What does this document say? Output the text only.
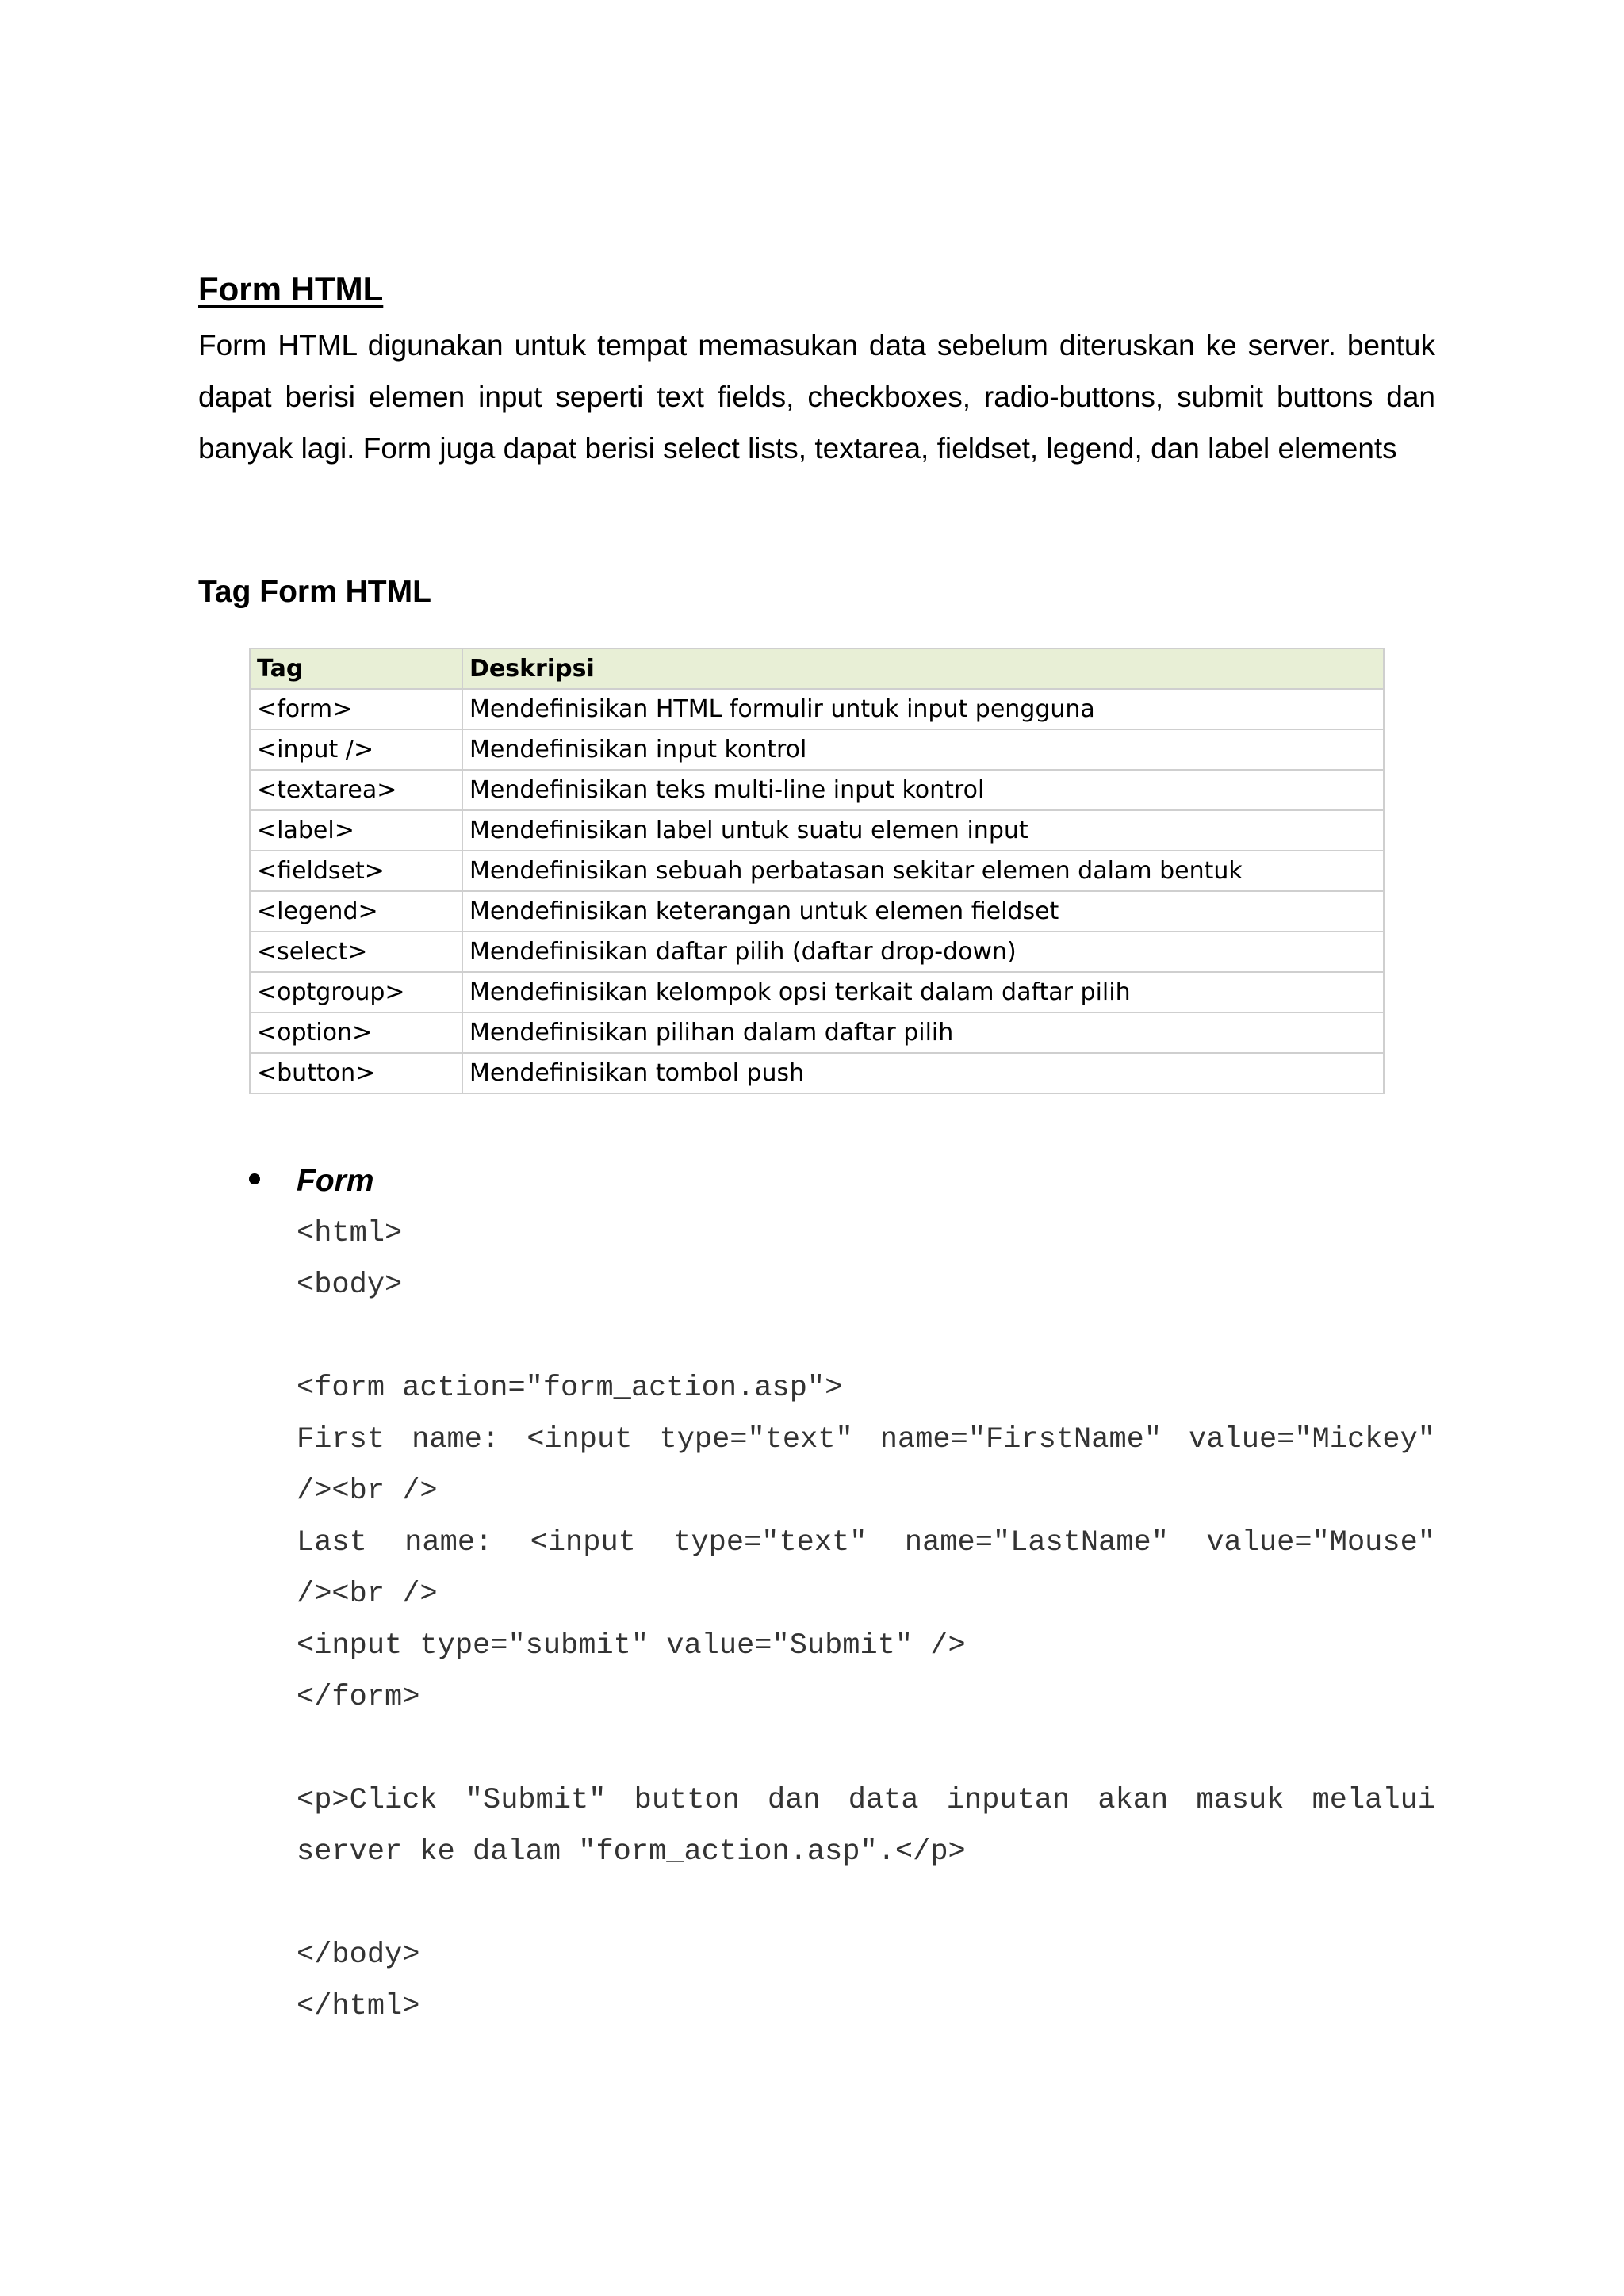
Form HTML

Form HTML digunakan untuk tempat memasukan data sebelum diteruskan ke server. bentuk dapat berisi elemen input seperti text fields, checkboxes, radio-buttons, submit buttons dan banyak lagi. Form juga dapat berisi select lists, textarea, fieldset, legend, dan label elements

Tag Form HTML
Tag	Deskripsi
<form>	Mendefinisikan HTML formulir untuk input pengguna
<input />	Mendefinisikan input kontrol
<textarea>	Mendefinisikan teks multi-line input kontrol
<label>	Mendefinisikan label untuk suatu elemen input
<fieldset>	Mendefinisikan sebuah perbatasan sekitar elemen dalam bentuk
<legend>	Mendefinisikan keterangan untuk elemen fieldset
<select>	Mendefinisikan daftar pilih (daftar drop-down)
<optgroup>	Mendefinisikan kelompok opsi terkait dalam daftar pilih
<option>	Mendefinisikan pilihan dalam daftar pilih
<button>	Mendefinisikan tombol push

Form

<html>

<body>

<form action="form_action.asp">

First name: <input type="text" name="FirstName" value="Mickey"

/><br />

Last name: <input type="text" name="LastName" value="Mouse"

/><br />

<input type="submit" value="Submit" />

</form>

<p>Click "Submit" button dan data inputan akan masuk melalui

server ke dalam "form_action.asp".</p>

</body>

</html>
